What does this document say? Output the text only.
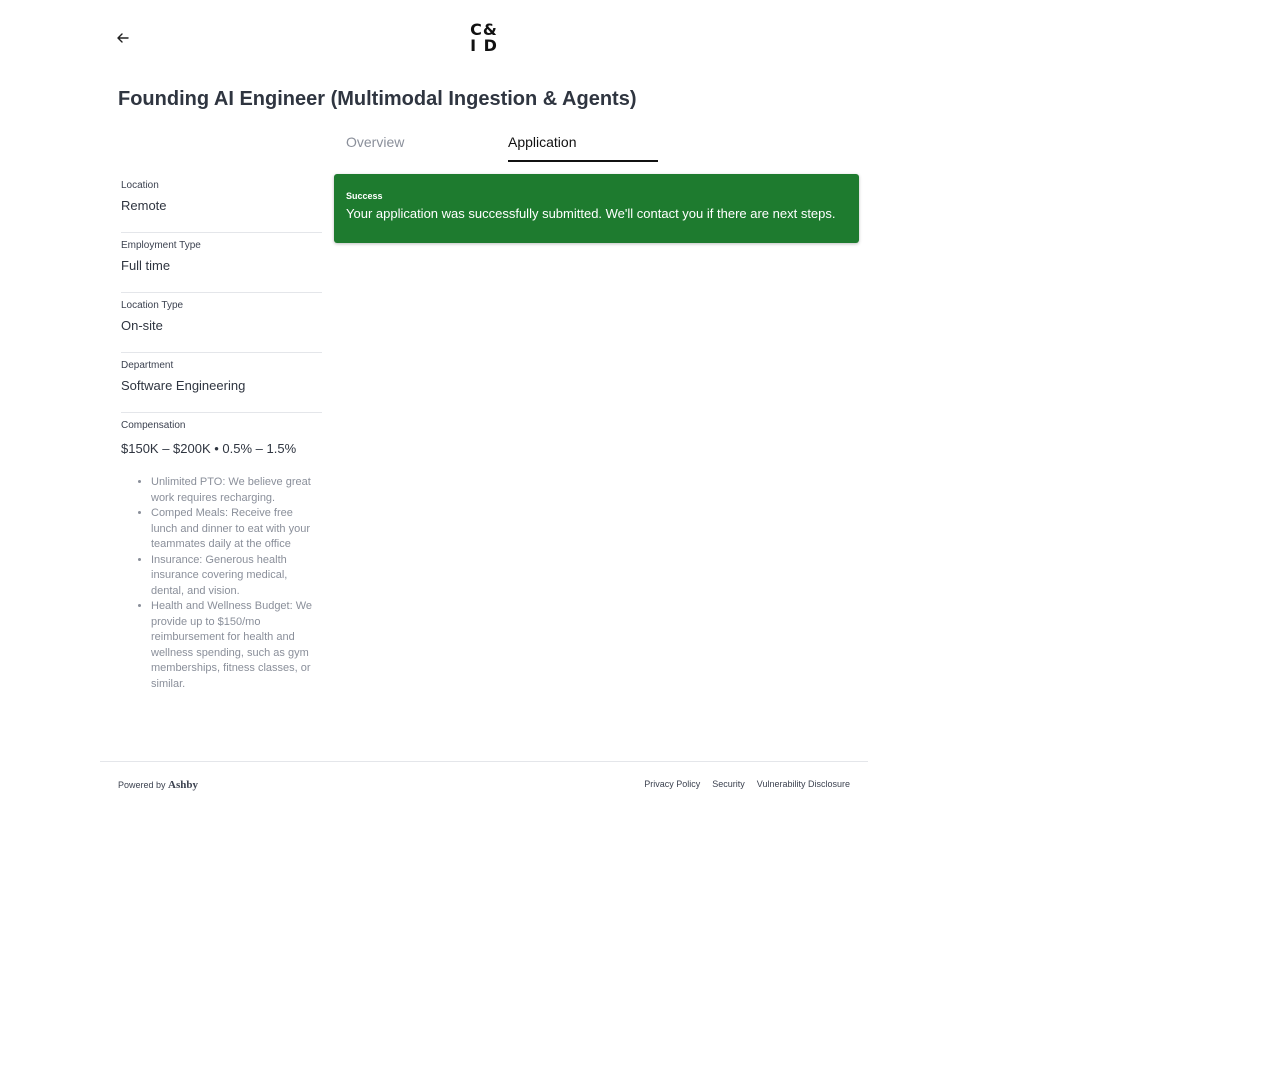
C&
I D
Founding AI Engineer (Multimodal Ingestion & Agents)
Overview	Application
Location
Remote
Employment Type
Full time
Location Type
On-site
Department
Software Engineering
Compensation
$150K – $200K • 0.5% – 1.5%
• Unlimited PTO: We believe great work requires recharging.
• Comped Meals: Receive free lunch and dinner to eat with your teammates daily at the office
• Insurance: Generous health insurance covering medical, dental, and vision.
• Health and Wellness Budget: We provide up to $150/mo reimbursement for health and wellness spending, such as gym memberships, fitness classes, or similar.
Success
Your application was successfully submitted. We'll contact you if there are next steps.
Powered by Ashby	Privacy Policy Security Vulnerability Disclosure
